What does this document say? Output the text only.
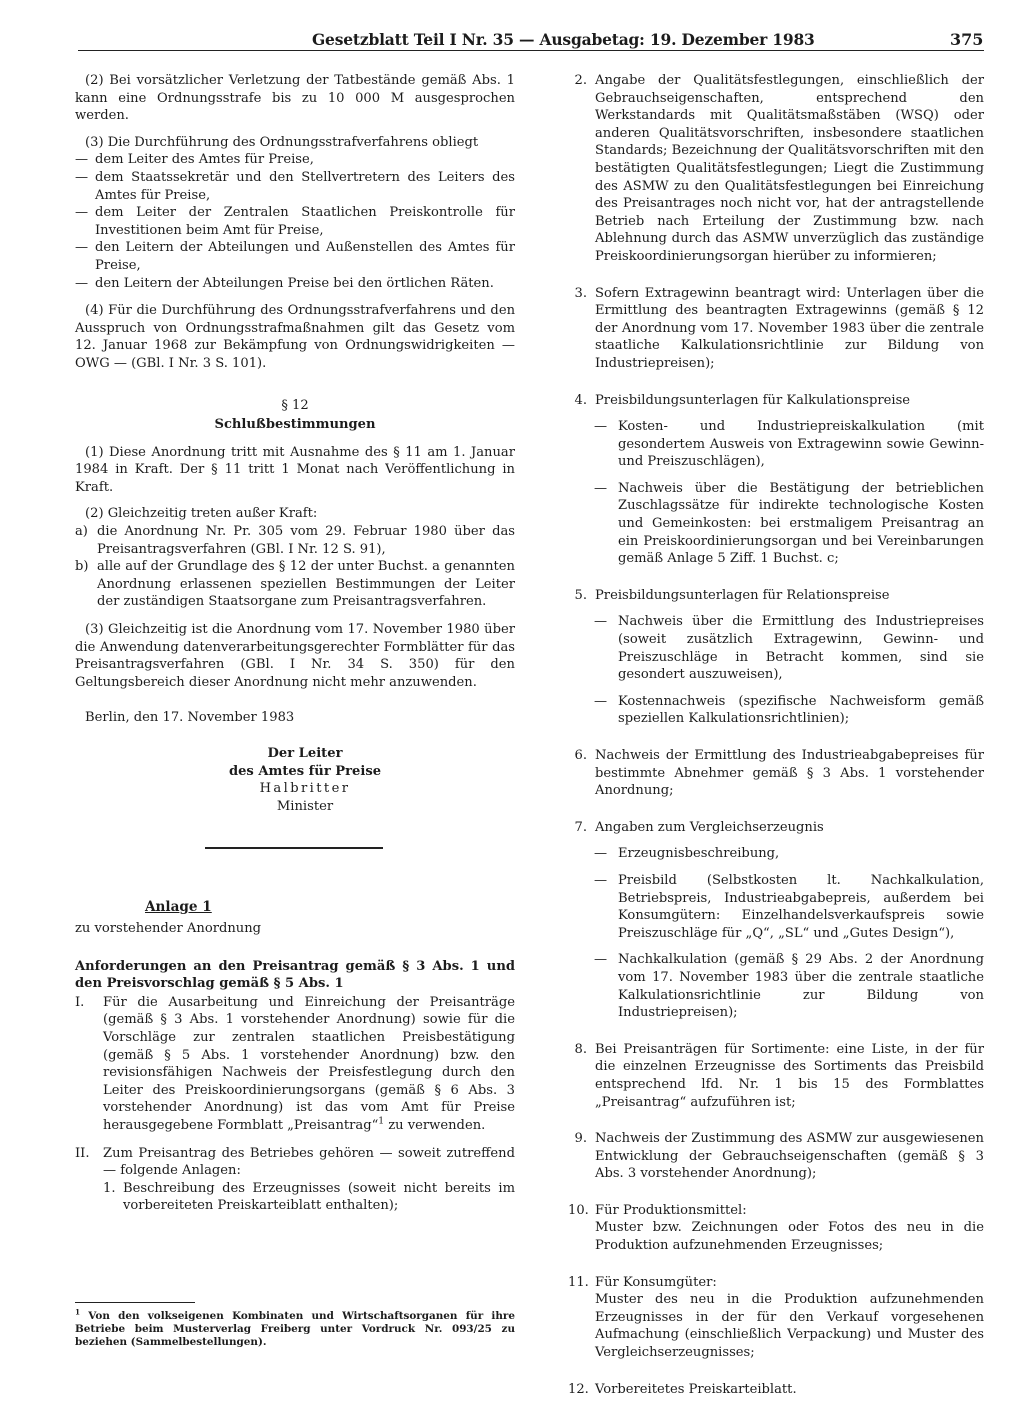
Gesetzblatt Teil I Nr. 35 — Ausgabetag: 19. Dezember 1983	375

(2) Bei vorsätzlicher Verletzung der Tatbestände gemäß Abs. 1 kann eine Ordnungsstrafe bis zu 10 000 M ausgesprochen werden.

(3) Die Durchführung des Ordnungsstrafverfahrens obliegt

— dem Leiter des Amtes für Preise,
— dem Staatssekretär und den Stellvertretern des Leiters des Amtes für Preise,
— dem Leiter der Zentralen Staatlichen Preiskontrolle für Investitionen beim Amt für Preise,
— den Leitern der Abteilungen und Außenstellen des Amtes für Preise,
— den Leitern der Abteilungen Preise bei den örtlichen Räten.

(4) Für die Durchführung des Ordnungsstrafverfahrens und den Ausspruch von Ordnungsstrafmaßnahmen gilt das Gesetz vom 12. Januar 1968 zur Bekämpfung von Ordnungswidrigkeiten — OWG — (GBl. I Nr. 3 S. 101).

§ 12

Schlußbestimmungen

(1) Diese Anordnung tritt mit Ausnahme des § 11 am 1. Januar 1984 in Kraft. Der § 11 tritt 1 Monat nach Veröffentlichung in Kraft.

(2) Gleichzeitig treten außer Kraft:

a) die Anordnung Nr. Pr. 305 vom 29. Februar 1980 über das Preisantragsverfahren (GBl. I Nr. 12 S. 91),
b) alle auf der Grundlage des § 12 der unter Buchst. a genannten Anordnung erlassenen speziellen Bestimmungen der Leiter der zuständigen Staatsorgane zum Preisantragsverfahren.

(3) Gleichzeitig ist die Anordnung vom 17. November 1980 über die Anwendung datenverarbeitungsgerechter Formblätter für das Preisantragsverfahren (GBl. I Nr. 34 S. 350) für den Geltungsbereich dieser Anordnung nicht mehr anzuwenden.

Berlin, den 17. November 1983

Der Leiter

des Amtes für Preise

Halbritter

Minister

Anlage 1

zu vorstehender Anordnung

Anforderungen an den Preisantrag gemäß § 3 Abs. 1 und den Preisvorschlag gemäß § 5 Abs. 1

I.	Für die Ausarbeitung und Einreichung der Preisanträge (gemäß § 3 Abs. 1 vorstehender Anordnung) sowie für die Vorschläge zur zentralen staatlichen Preisbestätigung (gemäß § 5 Abs. 1 vorstehender Anordnung) bzw. den revisionsfähigen Nachweis der Preisfestlegung durch den Leiter des Preiskoordinierungsorgans (gemäß § 6 Abs. 3 vorstehender Anordnung) ist das vom Amt für Preise herausgegebene Formblatt „Preisantrag“$^1$ zu verwenden.
II.	Zum Preisantrag des Betriebes gehören — soweit zutreffend — folgende Anlagen:
1. Beschreibung des Erzeugnisses (soweit nicht bereits im vorbereiteten Preiskarteiblatt enthalten);
$^1$ Von den volkseigenen Kombinaten und Wirtschaftsorganen für ihre Betriebe beim Musterverlag Freiberg unter Vordruck Nr. 093/25 zu beziehen (Sammelbestellungen).
2. Angabe der Qualitätsfestlegungen, einschließlich der Gebrauchseigenschaften, entsprechend den Werkstandards mit Qualitätsmaßstäben (WSQ) oder anderen Qualitätsvorschriften, insbesondere staatlichen Standards; Bezeichnung der Qualitätsvorschriften mit den bestätigten Qualitätsfestlegungen; Liegt die Zustimmung des ASMW zu den Qualitätsfestlegungen bei Einreichung des Preisantrages noch nicht vor, hat der antragstellende Betrieb nach Erteilung der Zustimmung bzw. nach Ablehnung durch das ASMW unverzüglich das zuständige Preiskoordinierungsorgan hierüber zu informieren;
3. Sofern Extragewinn beantragt wird: Unterlagen über die Ermittlung des beantragten Extragewinns (gemäß § 12 der Anordnung vom 17. November 1983 über die zentrale staatliche Kalkulationsrichtlinie zur Bildung von Industriepreisen);
4. Preisbildungsunterlagen für Kalkulationspreise
— Kosten- und Industriepreiskalkulation (mit gesondertem Ausweis von Extragewinn sowie Gewinn- und Preiszuschlägen),
— Nachweis über die Bestätigung der betrieblichen Zuschlagssätze für indirekte technologische Kosten und Gemeinkosten: bei erstmaligem Preisantrag an ein Preiskoordinierungsorgan und bei Vereinbarungen gemäß Anlage 5 Ziff. 1 Buchst. c;
5. Preisbildungsunterlagen für Relationspreise
— Nachweis über die Ermittlung des Industriepreises (soweit zusätzlich Extragewinn, Gewinn- und Preiszuschläge in Betracht kommen, sind sie gesondert auszuweisen),
— Kostennachweis (spezifische Nachweisform gemäß speziellen Kalkulationsrichtlinien);
6. Nachweis der Ermittlung des Industrieabgabepreises für bestimmte Abnehmer gemäß § 3 Abs. 1 vorstehender Anordnung;
7. Angaben zum Vergleichserzeugnis
— Erzeugnisbeschreibung,
— Preisbild (Selbstkosten lt. Nachkalkulation, Betriebspreis, Industrieabgabepreis, außerdem bei Konsumgütern: Einzelhandelsverkaufspreis sowie Preiszuschläge für „Q“, „SL“ und „Gutes Design“),
— Nachkalkulation (gemäß § 29 Abs. 2 der Anordnung vom 17. November 1983 über die zentrale staatliche Kalkulationsrichtlinie zur Bildung von Industriepreisen);
8. Bei Preisanträgen für Sortimente: eine Liste, in der für die einzelnen Erzeugnisse des Sortiments das Preisbild entsprechend lfd. Nr. 1 bis 15 des Formblattes „Preisantrag“ aufzuführen ist;
9. Nachweis der Zustimmung des ASMW zur ausgewiesenen Entwicklung der Gebrauchseigenschaften (gemäß § 3 Abs. 3 vorstehender Anordnung);
10. Für Produktionsmittel:
Muster bzw. Zeichnungen oder Fotos des neu in die Produktion aufzunehmenden Erzeugnisses;
11. Für Konsumgüter:
Muster des neu in die Produktion aufzunehmenden Erzeugnisses in der für den Verkauf vorgesehenen Aufmachung (einschließlich Verpackung) und Muster des Vergleichserzeugnisses;
12. Vorbereitetes Preiskarteiblatt.
